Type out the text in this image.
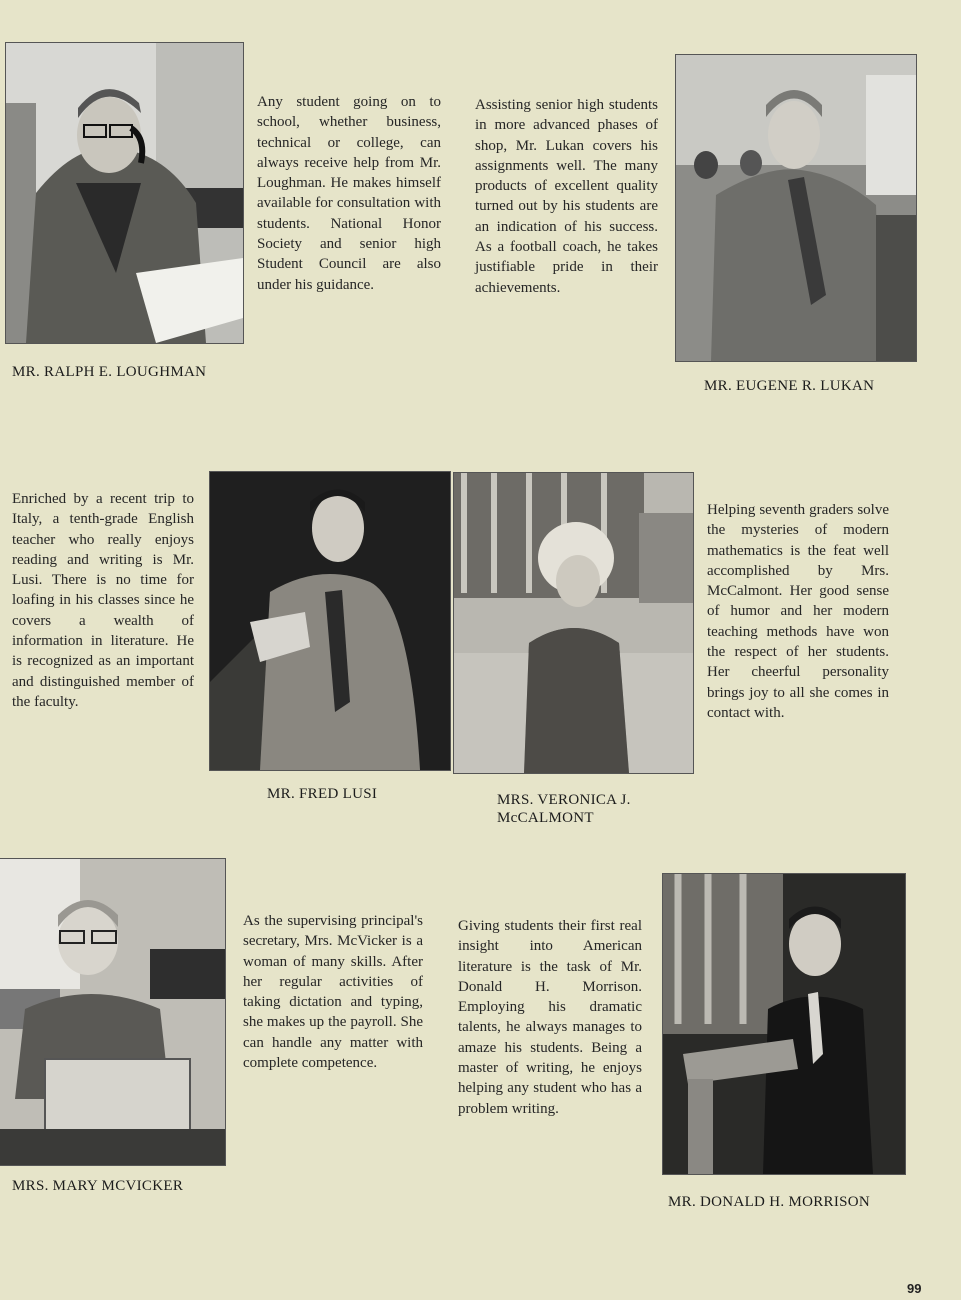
MR. RALPH E. LOUGHMAN
Any student going on to school, whether business, technical or college, can always receive help from Mr. Loughman. He makes himself available for consultation with students. National Honor Society and senior high Student Council are also under his guidance.
Assisting senior high students in more advanced phases of shop, Mr. Lukan covers his assignments well. The many products of excellent quality turned out by his students are an indication of his success. As a football coach, he takes justifiable pride in their achievements.
MR. EUGENE R. LUKAN
Enriched by a recent trip to Italy, a tenth-grade English teacher who really enjoys reading and writing is Mr. Lusi. There is no time for loafing in his classes since he covers a wealth of information in literature. He is recognized as an important and distinguished member of the faculty.
MR. FRED LUSI	MRS. VERONICA J.
McCALMONT
Helping seventh graders solve the mysteries of modern mathematics is the feat well accomplished by Mrs. McCalmont. Her good sense of humor and her modern teaching methods have won the respect of her students. Her cheerful personality brings joy to all she comes in contact with.
MRS. MARY MCVICKER
As the supervising principal's secretary, Mrs. McVicker is a woman of many skills. After her regular activities of taking dictation and typing, she makes up the payroll. She can handle any matter with complete competence.
Giving students their first real insight into American literature is the task of Mr. Donald H. Morrison. Employing his dramatic talents, he always manages to amaze his students. Being a master of writing, he enjoys helping any student who has a problem writing.
MR. DONALD H. MORRISON
99
